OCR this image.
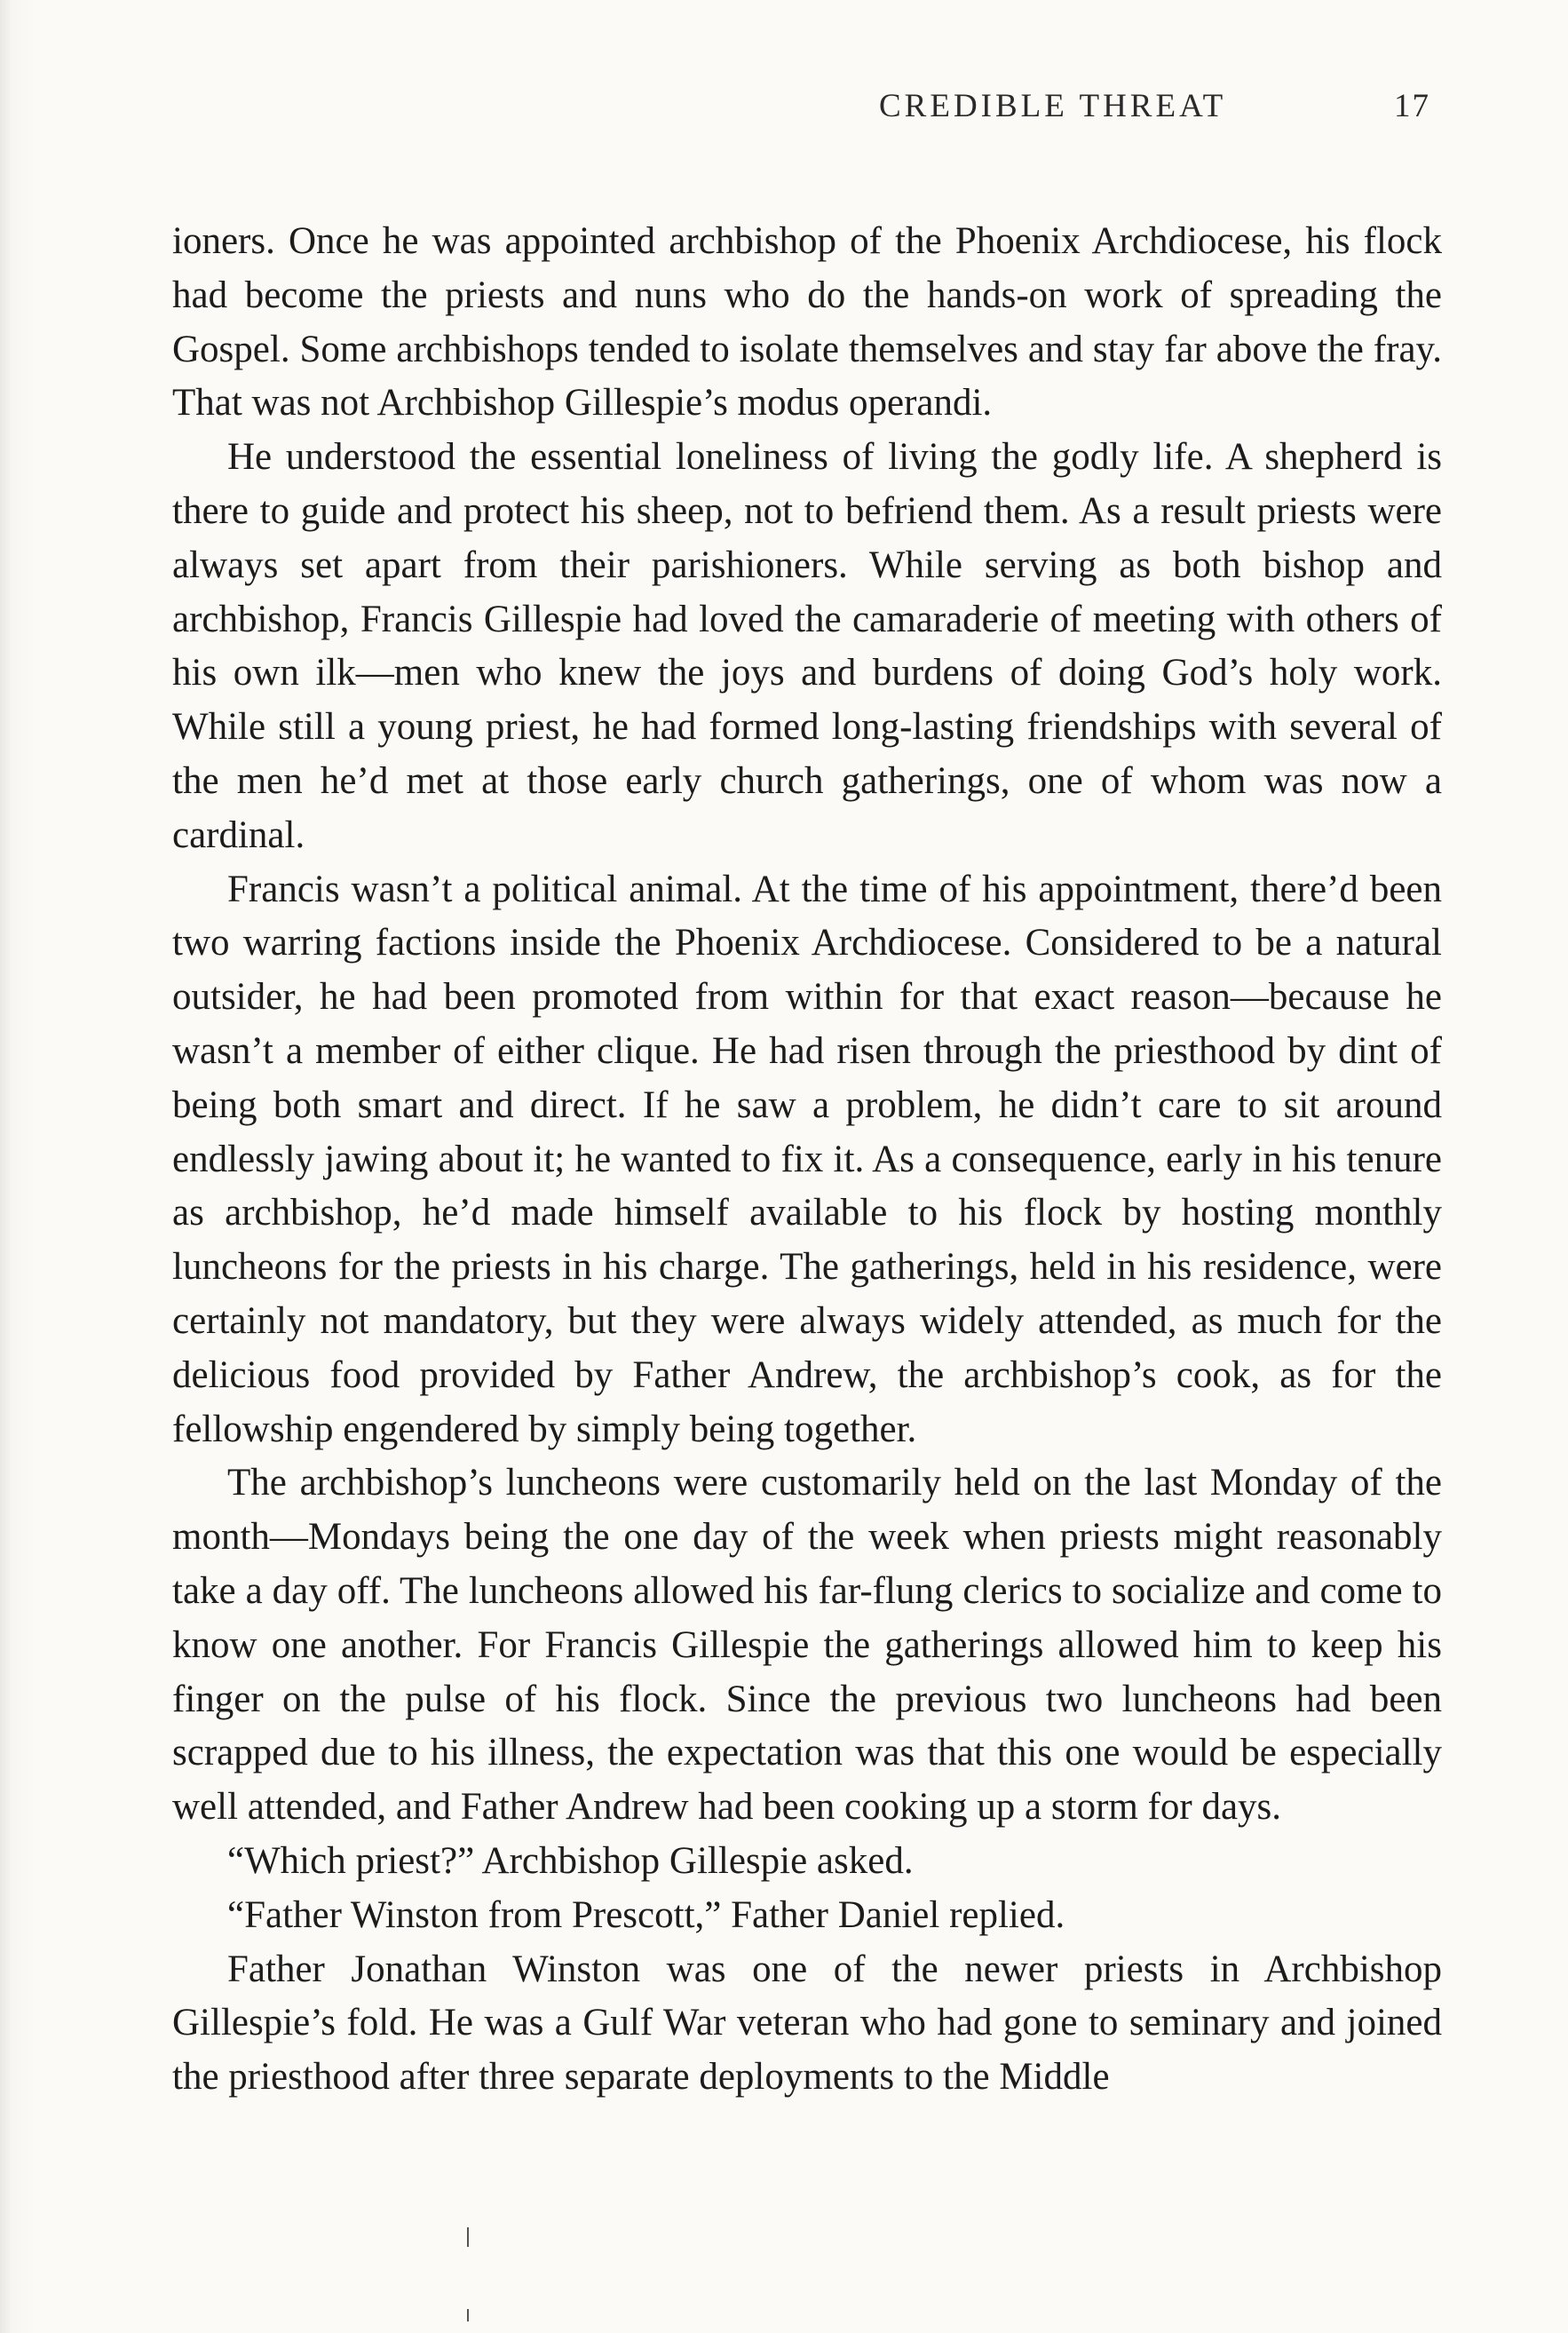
CREDIBLE THREAT	17

ioners. Once he was appointed archbishop of the Phoenix Archdiocese, his flock had become the priests and nuns who do the hands-on work of spreading the Gospel. Some archbishops tended to isolate themselves and stay far above the fray. That was not Archbishop Gillespie’s modus operandi.

He understood the essential loneliness of living the godly life. A shepherd is there to guide and protect his sheep, not to befriend them. As a result priests were always set apart from their parishioners. While serving as both bishop and archbishop, Francis Gillespie had loved the camaraderie of meeting with others of his own ilk—men who knew the joys and burdens of doing God’s holy work. While still a young priest, he had formed long-lasting friendships with several of the men he’d met at those early church gatherings, one of whom was now a cardinal.

Francis wasn’t a political animal. At the time of his appointment, there’d been two warring factions inside the Phoenix Archdiocese. Considered to be a natural outsider, he had been promoted from within for that exact reason—because he wasn’t a member of either clique. He had risen through the priesthood by dint of being both smart and direct. If he saw a problem, he didn’t care to sit around endlessly jawing about it; he wanted to fix it. As a consequence, early in his tenure as archbishop, he’d made himself available to his flock by hosting monthly luncheons for the priests in his charge. The gatherings, held in his residence, were certainly not mandatory, but they were always widely attended, as much for the delicious food provided by Father Andrew, the archbishop’s cook, as for the fellowship engendered by simply being together.

The archbishop’s luncheons were customarily held on the last Monday of the month—Mondays being the one day of the week when priests might reasonably take a day off. The luncheons allowed his far-flung clerics to socialize and come to know one another. For Francis Gillespie the gatherings allowed him to keep his finger on the pulse of his flock. Since the previous two luncheons had been scrapped due to his illness, the expectation was that this one would be especially well attended, and Father Andrew had been cooking up a storm for days.

“Which priest?” Archbishop Gillespie asked.

“Father Winston from Prescott,” Father Daniel replied.

Father Jonathan Winston was one of the newer priests in Archbishop Gillespie’s fold. He was a Gulf War veteran who had gone to seminary and joined the priesthood after three separate deployments to the Middle
